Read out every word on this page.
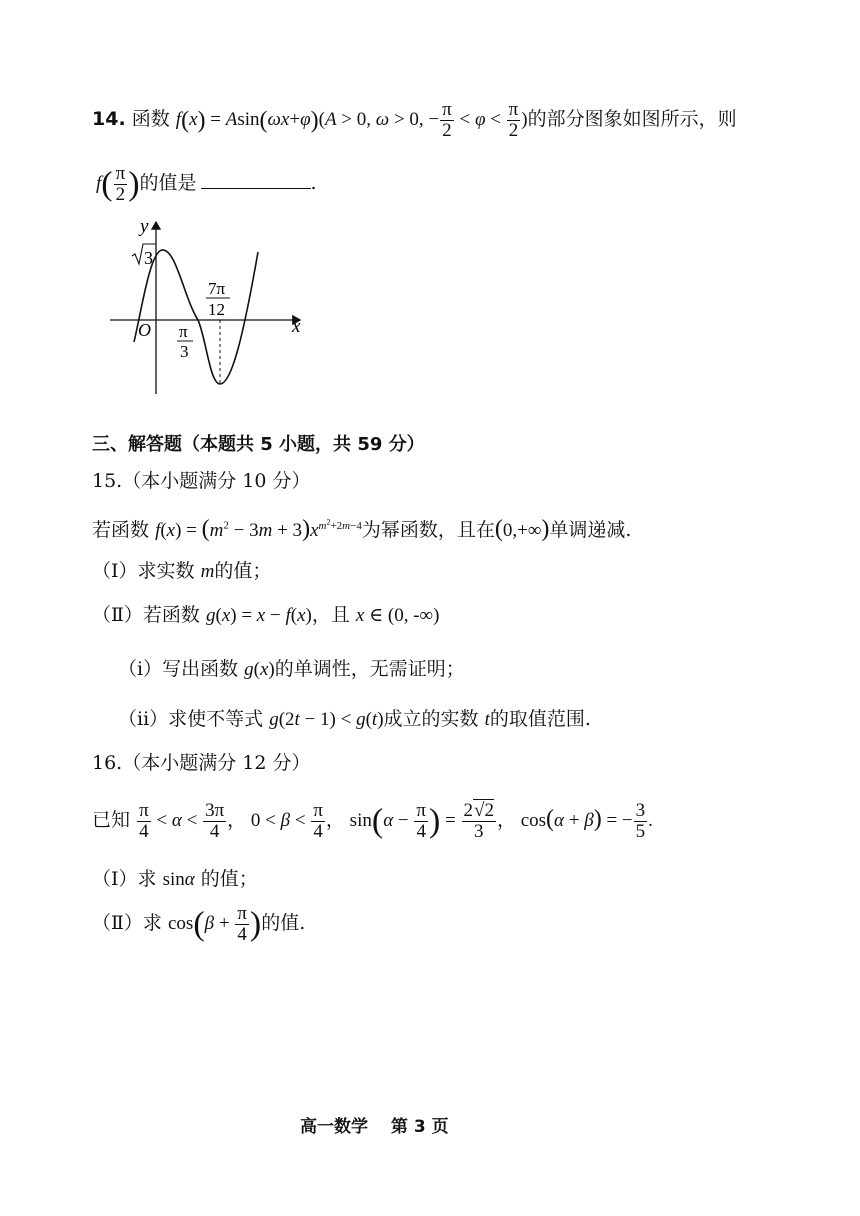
14. 函数 f(x) = Asin(ωx+φ)(A > 0, ω > 0, − $\frac{\pi}{2} < \varphi < \frac{\pi}{2}$ )的部分图象如图所示，则
$f( \frac{\pi}{2}$ )的值是	.
y
x
O
3
π
3
7π
12
三、解答题（本题共 5 小题，共 59 分）
15.（本小题满分 10 分）
若函数 $f(x) = (m^2 - 3m + 3)x^{m^2+2m-4}$为幂函数，且在(0,+∞)单调递减.
（Ⅰ）求实数 m的值；
（Ⅱ）若函数 g(x) = x − f(x)，且 x ∈ (0, -∞)
（i）写出函数 g(x)的单调性，无需证明；
（ii）求使不等式 g(2t − 1) < g(t)成立的实数 t的取值范围.
16.（本小题满分 12 分）
已知 $\frac{\pi}{4} < \alpha < \frac{3\pi}{4}$ ， $0 < \beta < \frac{\pi}{4}$ ， $\sin(\alpha - \frac{\pi}{4}$ ) = $\frac{2√2}{3}$ ， cos(α + β) = − $\frac{3}{5}$ .
（Ⅰ）求 sinα 的值；
（Ⅱ）求 $\cos(\beta + \frac{\pi}{4}$ )的值.
高一数学　 第 3 页
